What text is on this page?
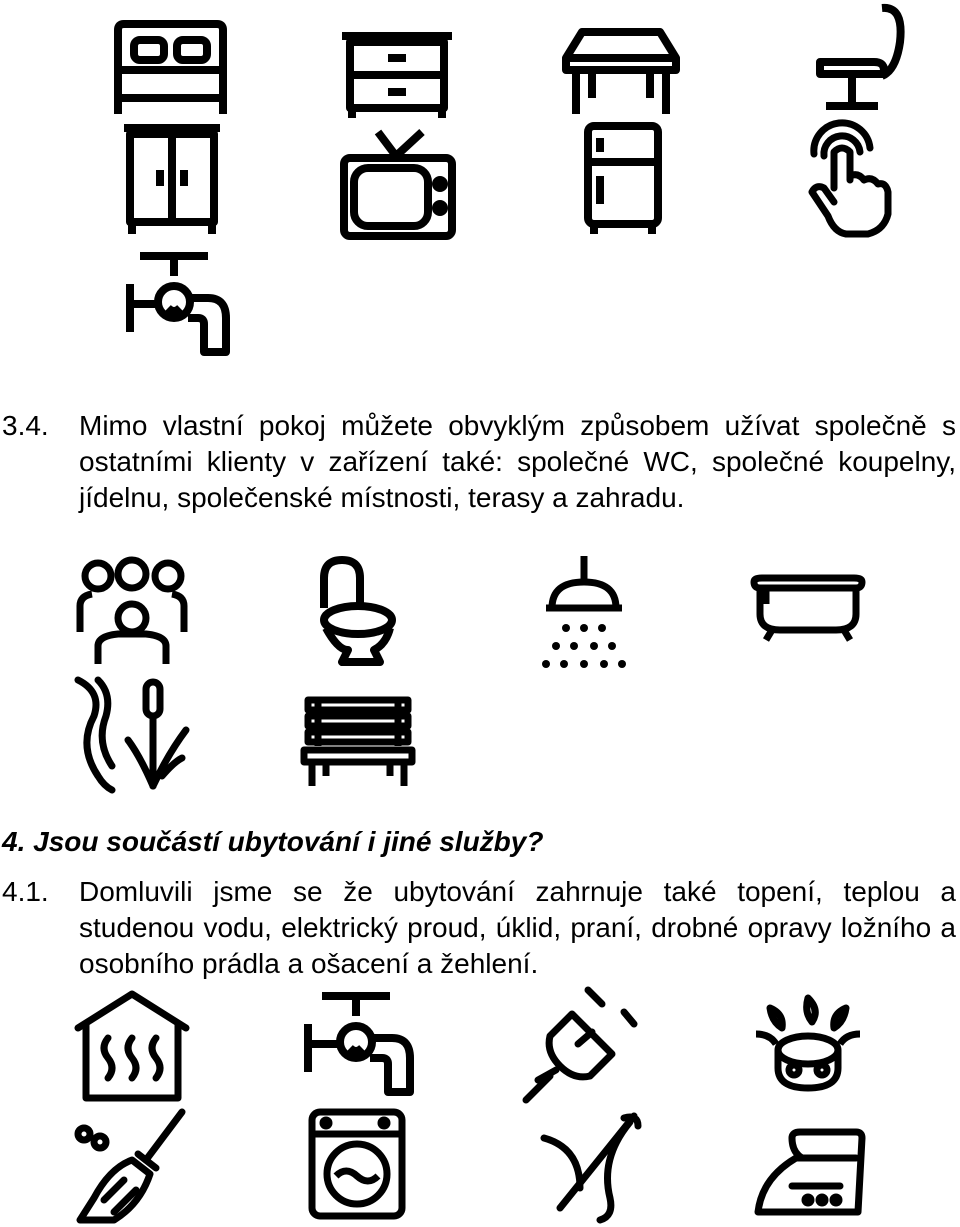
3.4. Mimo vlastní pokoj můžete obvyklým způsobem užívat společně s ostatními klienty v zařízení také: společné WC, společné koupelny, jídelnu, společenské místnosti, terasy a zahradu.
4. Jsou součástí ubytování i jiné služby?
4.1. Domluvili jsme se že ubytování zahrnuje také topení, teplou a studenou vodu, elektrický proud, úklid, praní, drobné opravy ložního a osobního prádla a ošacení a žehlení.
